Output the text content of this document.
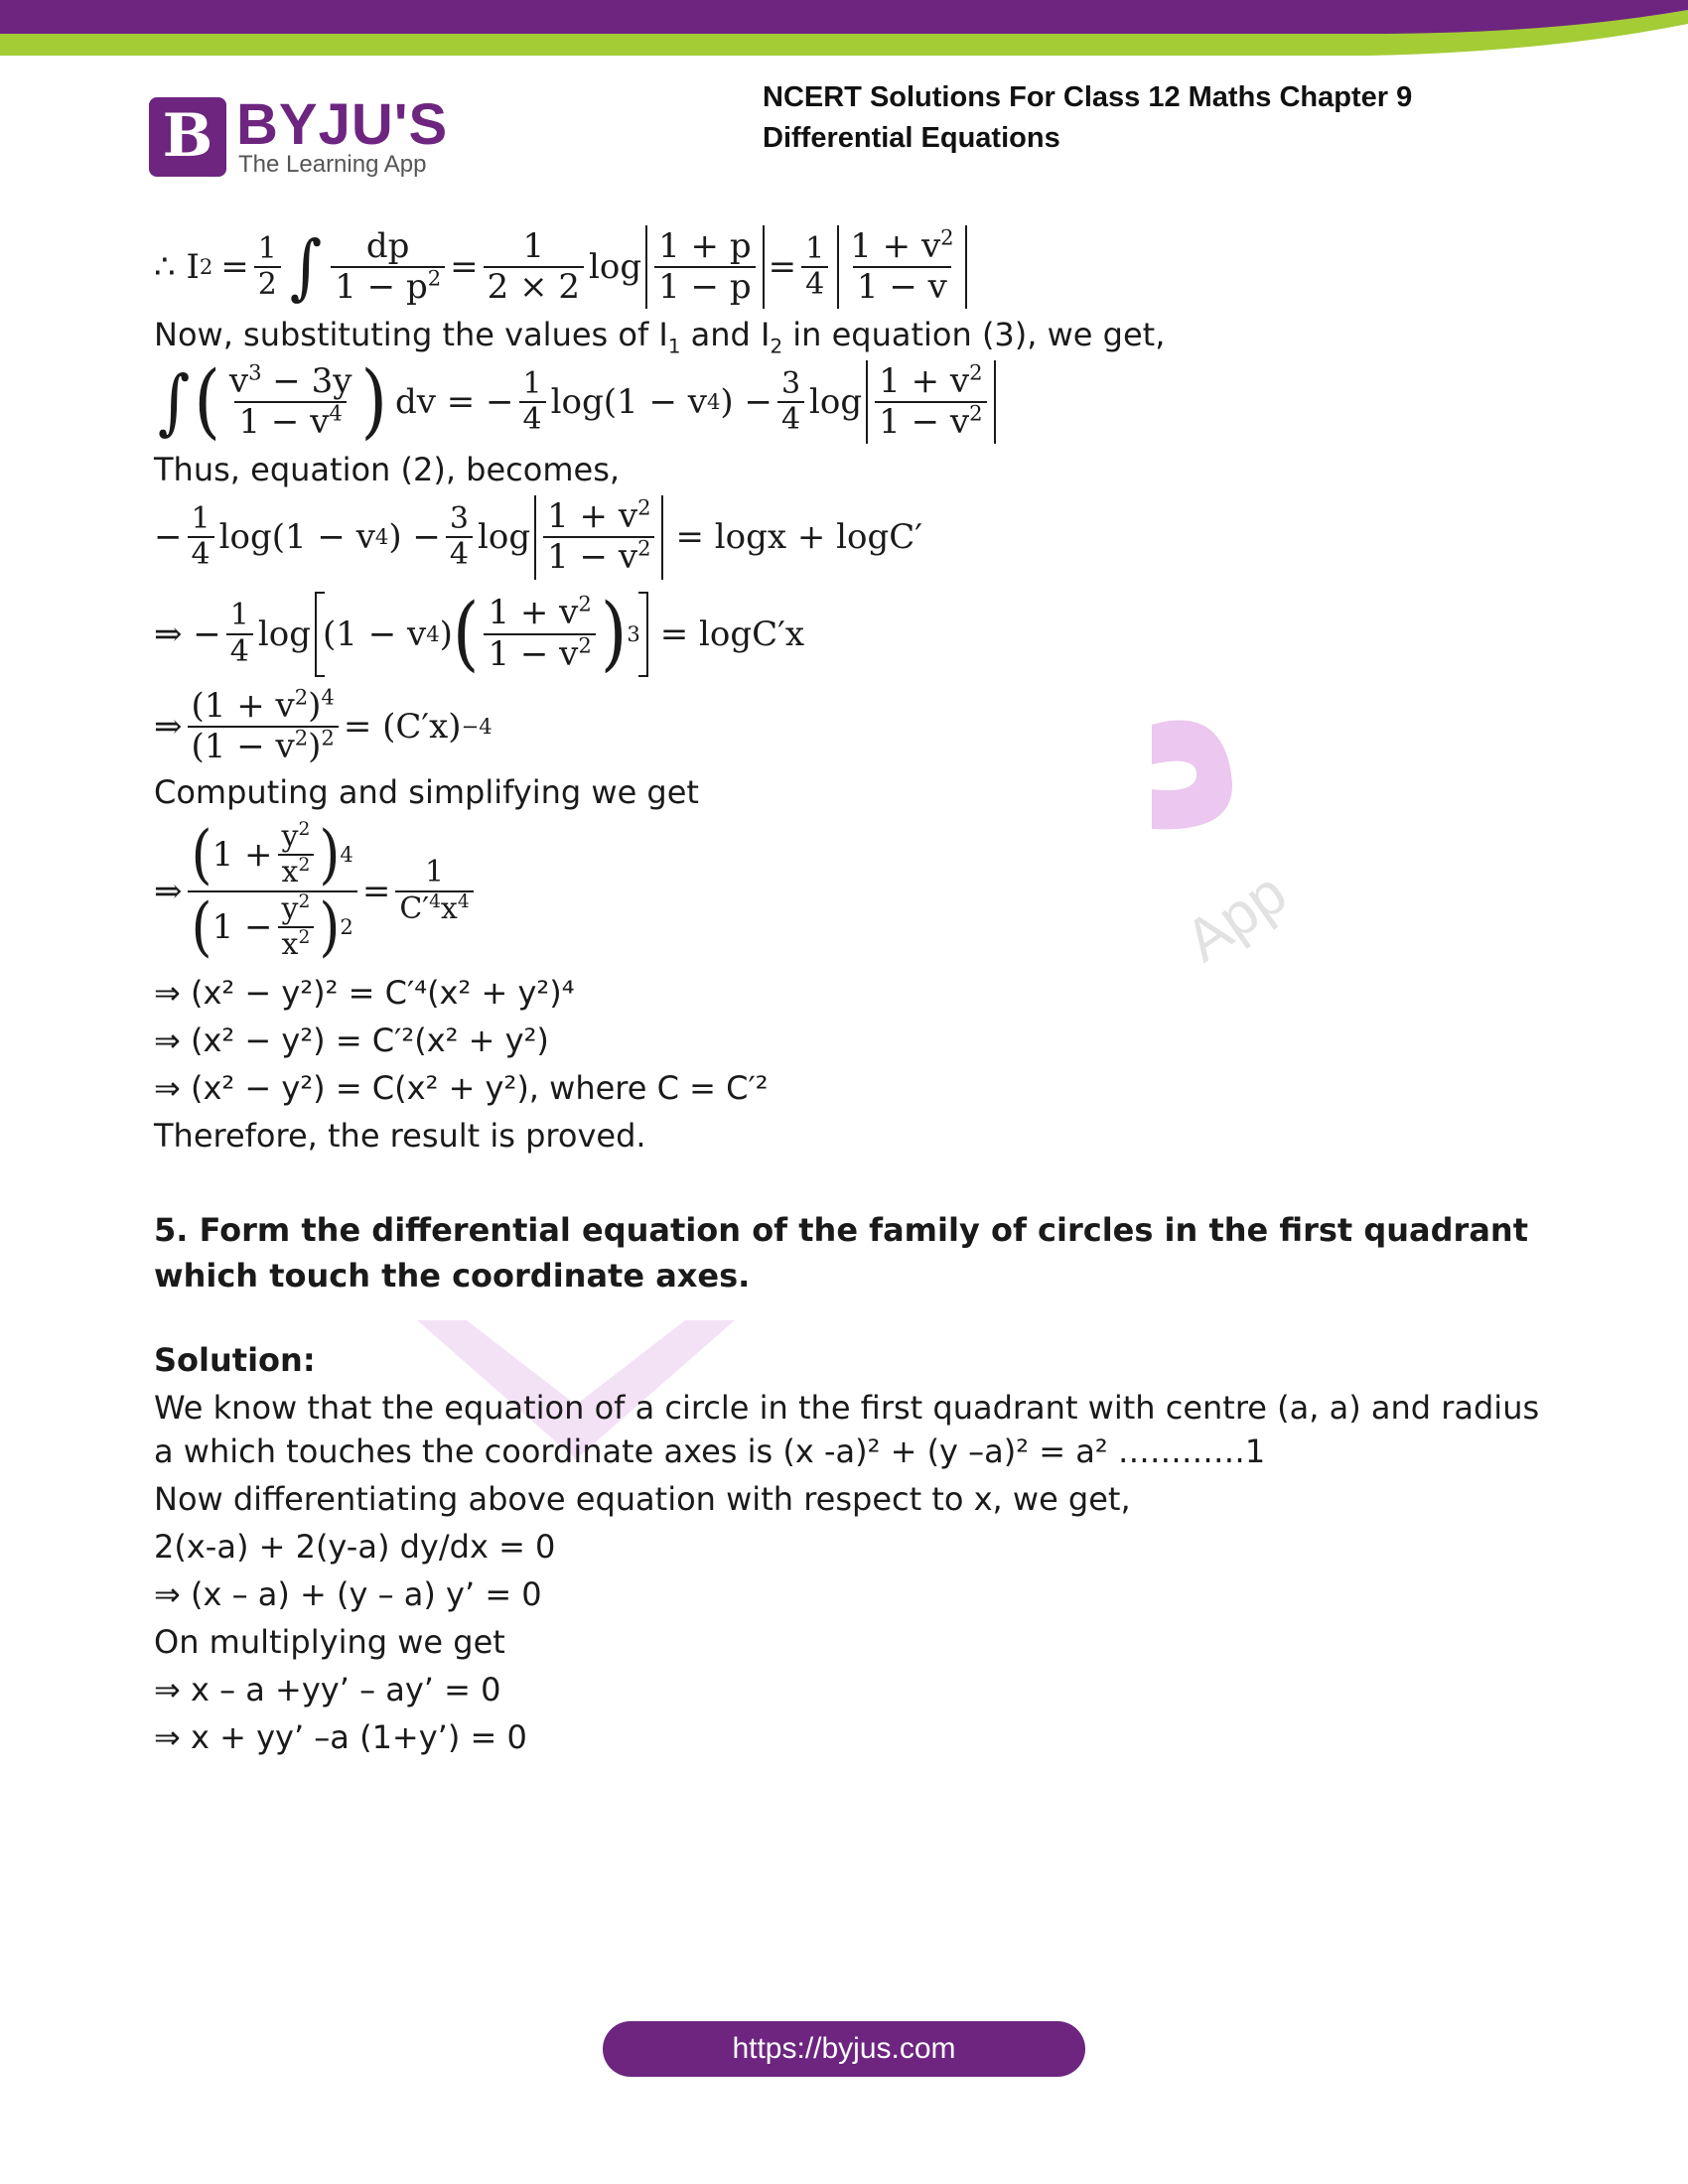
B BYJU'S
The Learning App
NCERT Solutions For Class 12 Maths Chapter 9
Differential Equations
App
∴ I $2 = \frac{1}{2}$ ∫ $\frac{dp}{1 - p^2} = \frac{1}{2 \times 2}$ $\log \frac{1 + p}{1 - p} = \frac{1}{4} \frac{1 + v^2}{1 - v}$
Now, substituting the values of $I_1$ and $I_2$ in equation (3), we get,
∫ ( $\frac{v^3 - 3y}{1 - v^4}$ ) dv = − $\frac{1}{4} \log(1 - v$ 4 ) − $\frac{3}{4}$ $\log \frac{1 + v^2}{1 - v^2}$
Thus, equation (2), becomes,
− $\frac{1}{4} \log(1 - v$ 4 ) − $\frac{3}{4}$ $\log \frac{1 + v^2}{1 - v^2} = \log x + \log C'$
⇒ − $\frac{1}{4}$ log (1 − v 4 ) ( $\frac{1 + v^2}{1 - v^2}$ ) 3 = logC′x
⇒ $\frac{(1 + v^2)^4}{(1 - v^2)^2} = (C'x) -4$
Computing and simplifying we get
⇒ $\frac{( 1 + \frac{y^2}{x^2} ) 4}{( 1 - \frac{y^2}{x^2} ) 2} = \frac{1}{C'^4x^4}$
⇒ (x² − y²)² = C′⁴(x² + y²)⁴
⇒ (x² − y²) = C′²(x² + y²)
⇒ (x² − y²) = C(x² + y²), where C = C′²
Therefore, the result is proved.
5. Form the differential equation of the family of circles in the first quadrant which touch the coordinate axes.
Solution:
We know that the equation of a circle in the first quadrant with centre (a, a) and radius a which touches the coordinate axes is (x -a)² + (y –a)² = a² …………1
Now differentiating above equation with respect to x, we get,
2(x-a) + 2(y-a) dy/dx = 0
⇒ (x – a) + (y – a) y’ = 0
On multiplying we get
⇒ x – a +yy’ – ay’ = 0
⇒ x + yy’ –a (1+y’) = 0
https://byjus.com
